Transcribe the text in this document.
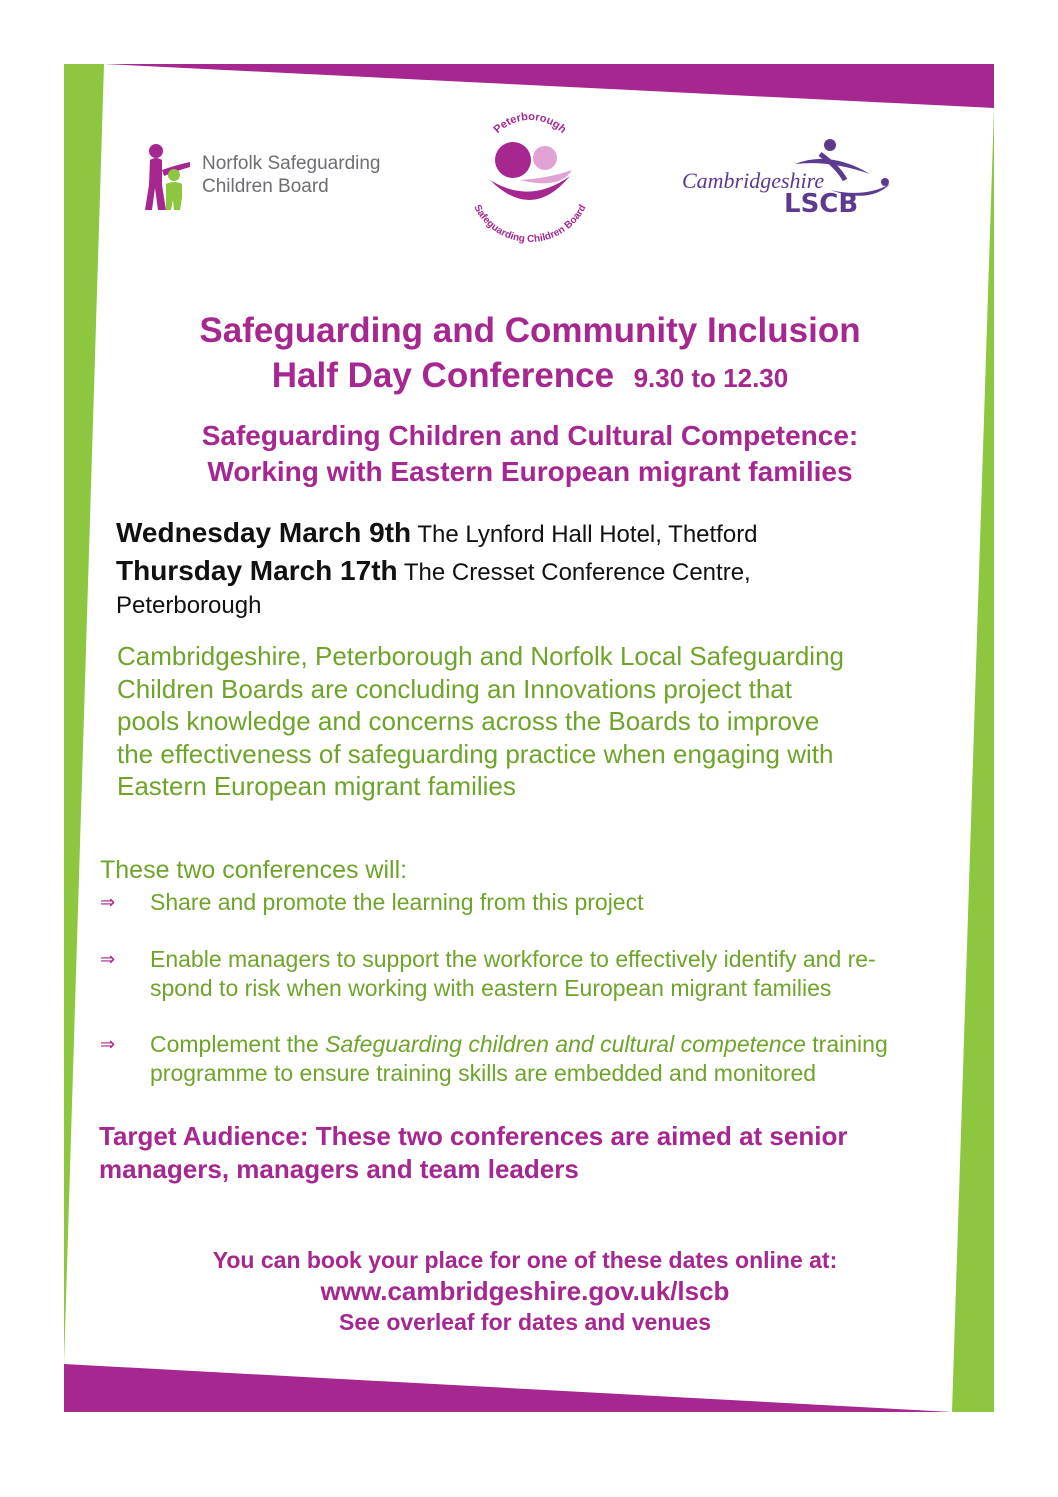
Norfolk Safeguarding
Children Board
Peterborough
Safeguarding Children Board
Cambridgeshire
LSCB
Safeguarding and Community Inclusion
Half Day Conference 9.30 to 12.30
Safeguarding Children and Cultural Competence:
Working with Eastern European migrant families
Wednesday March 9th The Lynford Hall Hotel, Thetford
Thursday March 17th The Cresset Conference Centre,
Peterborough
Cambridgeshire, Peterborough and Norfolk Local Safeguarding
Children Boards are concluding an Innovations project that
pools knowledge and concerns across the Boards to improve
the effectiveness of safeguarding practice when engaging with
Eastern European migrant families
These two conferences will:
⇒	Share and promote the learning from this project
⇒	Enable managers to support the workforce to effectively identify and re-
spond to risk when working with eastern European migrant families
⇒	Complement the Safeguarding children and cultural competence training
programme to ensure training skills are embedded and monitored
Target Audience: These two conferences are aimed at senior
managers, managers and team leaders
You can book your place for one of these dates online at:
www.cambridgeshire.gov.uk/lscb
See overleaf for dates and venues
